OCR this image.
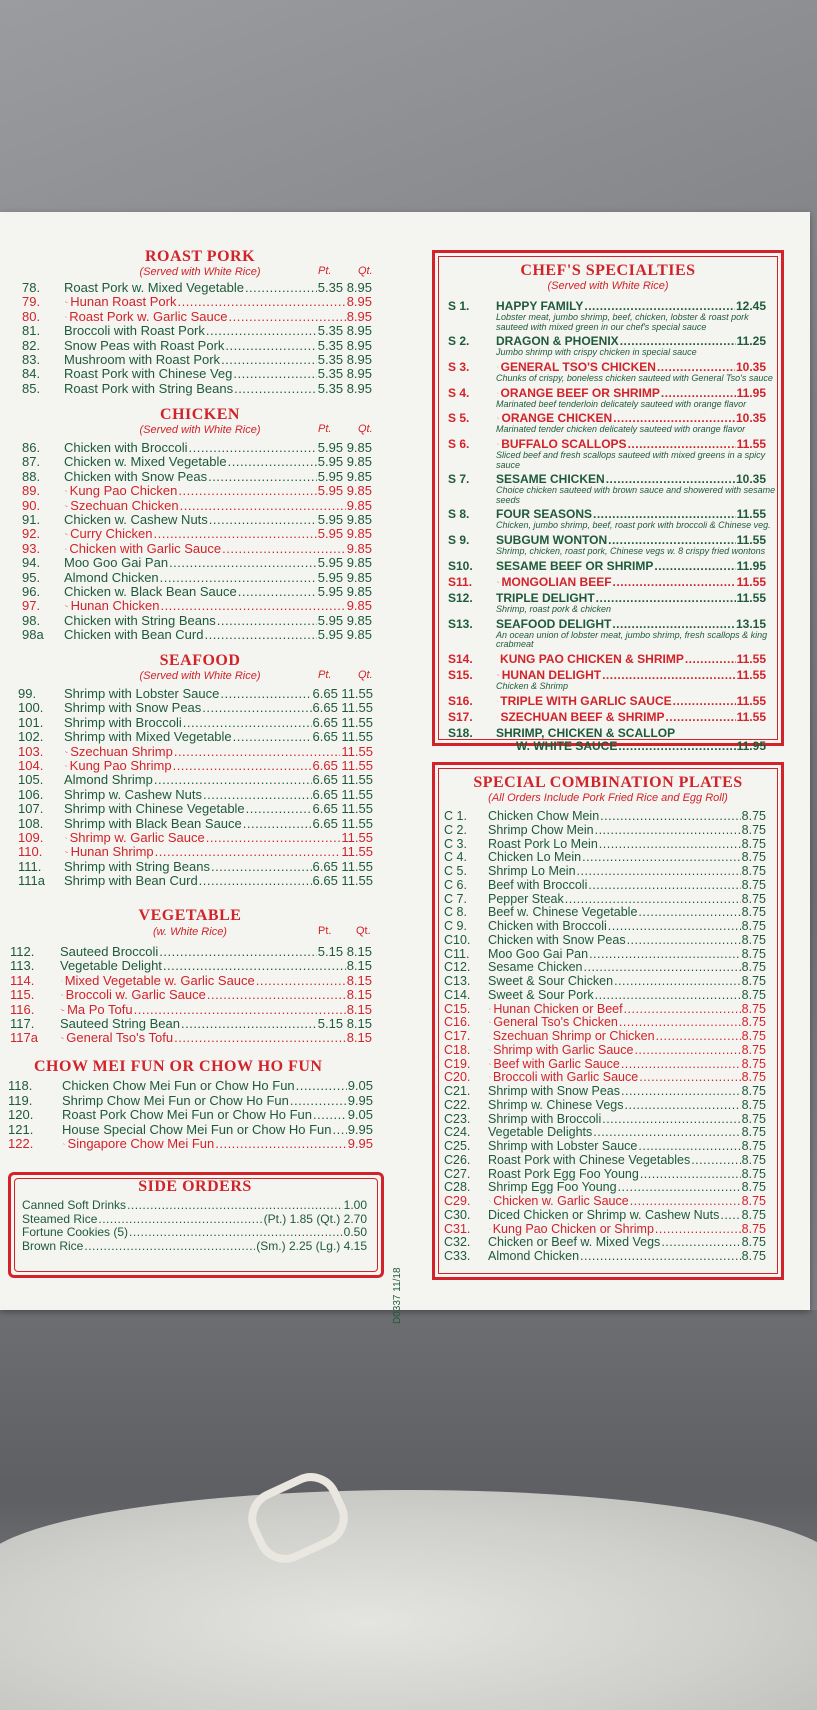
ROAST PORK
(Served with White Rice)	Pt. Qt.
78.	Roast Pork w. Mixed Vegetable .....	5.35 8.95
79.	Hunan Roast Pork .....	8.95
80.	Roast Pork w. Garlic Sauce .....	8.95
81.	Broccoli with Roast Pork .....	5.35 8.95
82.	Snow Peas with Roast Pork .....	5.35 8.95
83.	Mushroom with Roast Pork .....	5.35 8.95
84.	Roast Pork with Chinese Veg .....	5.35 8.95
85.	Roast Pork with String Beans .....	5.35 8.95
CHICKEN
(Served with White Rice)	Pt. Qt.
86.	Chicken with Broccoli .....	5.95 9.85
87.	Chicken w. Mixed Vegetable .....	5.95 9.85
88.	Chicken with Snow Peas .....	5.95 9.85
89.	Kung Pao Chicken .....	5.95 9.85
90.	Szechuan Chicken .....	9.85
91.	Chicken w. Cashew Nuts .....	5.95 9.85
92.	Curry Chicken .....	5.95 9.85
93.	Chicken with Garlic Sauce .....	9.85
94.	Moo Goo Gai Pan .....	5.95 9.85
95.	Almond Chicken .....	5.95 9.85
96.	Chicken w. Black Bean Sauce .....	5.95 9.85
97.	Hunan Chicken .....	9.85
98.	Chicken with String Beans .....	5.95 9.85
98a	Chicken with Bean Curd .....	5.95 9.85
SEAFOOD
(Served with White Rice)	Pt. Qt.
99.	Shrimp with Lobster Sauce .....	6.65 11.55
100.	Shrimp with Snow Peas .....	6.65 11.55
101.	Shrimp with Broccoli .....	6.65 11.55
102.	Shrimp with Mixed Vegetable .....	6.65 11.55
103.	Szechuan Shrimp .....	11.55
104.	Kung Pao Shrimp .....	6.65 11.55
105.	Almond Shrimp .....	6.65 11.55
106.	Shrimp w. Cashew Nuts .....	6.65 11.55
107.	Shrimp with Chinese Vegetable .....	6.65 11.55
108.	Shrimp with Black Bean Sauce .....	6.65 11.55
109.	Shrimp w. Garlic Sauce .....	11.55
110.	Hunan Shrimp .....	11.55
111.	Shrimp with String Beans .....	6.65 11.55
111a	Shrimp with Bean Curd .....	6.65 11.55
VEGETABLE
(w. White Rice)	Pt. Qt.
112.	Sauteed Broccoli .....	5.15 8.15
113.	Vegetable Delight .....	8.15
114.	Mixed Vegetable w. Garlic Sauce .....	8.15
115.	Broccoli w. Garlic Sauce .....	8.15
116.	Ma Po Tofu .....	8.15
117.	Sauteed String Bean .....	5.15 8.15
117a	General Tso's Tofu .....	8.15
CHOW MEI FUN OR CHOW HO FUN
118.	Chicken Chow Mei Fun or Chow Ho Fun .....	9.05
119.	Shrimp Chow Mei Fun or Chow Ho Fun .....	9.95
120.	Roast Pork Chow Mei Fun or Chow Ho Fun .....	9.05
121.	House Special Chow Mei Fun or Chow Ho Fun ..... 9.95
122.	Singapore Chow Mei Fun .....	9.95
SIDE ORDERS
Canned Soft Drinks .....	1.00
Steamed Rice .....	(Pt.) 1.85 (Qt.) 2.70
Fortune Cookies (5) .....	0.50
Brown Rice .....	(Sm.) 2.25 (Lg.) 4.15
D0337 11/18
CHEF'S SPECIALTIES
(Served with White Rice)
S 1.	HAPPY FAMILY .....	12.45
Lobster meat, jumbo shrimp, beef, chicken, lobster & roast pork
sauteed with mixed green in our chef's special sauce
S 2.	DRAGON & PHOENIX .....	11.25
Jumbo shrimp with crispy chicken in special sauce
S 3.	GENERAL TSO'S CHICKEN .....	10.35
Chunks of crispy, boneless chicken sauteed with General Tso's sauce
S 4.	ORANGE BEEF OR SHRIMP .....	11.95
Marinated beef tenderloin delicately sauteed with orange flavor
S 5.	ORANGE CHICKEN .....	10.35
Marinated tender chicken delicately sauteed with orange flavor
S 6.	BUFFALO SCALLOPS .....	11.55
Sliced beef and fresh scallops sauteed with mixed greens in a spicy
sauce
S 7.	SESAME CHICKEN .....	10.35
Choice chicken sauteed with brown sauce and showered with sesame
seeds
S 8.	FOUR SEASONS .....	11.55
Chicken, jumbo shrimp, beef, roast pork with broccoli & Chinese veg.
S 9.	SUBGUM WONTON .....	11.55
Shrimp, chicken, roast pork, Chinese vegs w. 8 crispy fried wontons
S10.	SESAME BEEF OR SHRIMP .....	11.95
S11.	MONGOLIAN BEEF .....	11.55
S12.	TRIPLE DELIGHT .....	11.55
Shrimp, roast pork & chicken
S13.	SEAFOOD DELIGHT .....	13.15
An ocean union of lobster meat, jumbo shrimp, fresh scallops & king
crabmeat
S14.	KUNG PAO CHICKEN & SHRIMP .....	11.55
S15.	HUNAN DELIGHT .....	11.55
Chicken & Shrimp
S16.	TRIPLE WITH GARLIC SAUCE .....	11.55
S17.	SZECHUAN BEEF & SHRIMP .....	11.55
S18.	SHRIMP, CHICKEN & SCALLOP
W. WHITE SAUCE .....	11.95
SPECIAL COMBINATION PLATES
(All Orders Include Pork Fried Rice and Egg Roll)
C 1.	Chicken Chow Mein .....	8.75
C 2.	Shrimp Chow Mein .....	8.75
C 3.	Roast Pork Lo Mein .....	8.75
C 4.	Chicken Lo Mein .....	8.75
C 5.	Shrimp Lo Mein .....	8.75
C 6.	Beef with Broccoli .....	8.75
C 7.	Pepper Steak .....	8.75
C 8.	Beef w. Chinese Vegetable .....	8.75
C 9.	Chicken with Broccoli .....	8.75
C10.	Chicken with Snow Peas .....	8.75
C11.	Moo Goo Gai Pan .....	8.75
C12.	Sesame Chicken .....	8.75
C13.	Sweet & Sour Chicken .....	8.75
C14.	Sweet & Sour Pork .....	8.75
C15.	Hunan Chicken or Beef .....	8.75
C16.	General Tso's Chicken .....	8.75
C17.	Szechuan Shrimp or Chicken .....	8.75
C18.	Shrimp with Garlic Sauce .....	8.75
C19.	Beef with Garlic Sauce .....	8.75
C20.	Broccoli with Garlic Sauce .....	8.75
C21.	Shrimp with Snow Peas .....	8.75
C22.	Shrimp w. Chinese Vegs .....	8.75
C23.	Shrimp with Broccoli .....	8.75
C24.	Vegetable Delights .....	8.75
C25.	Shrimp with Lobster Sauce .....	8.75
C26.	Roast Pork with Chinese Vegetables .....	8.75
C27.	Roast Pork Egg Foo Young .....	8.75
C28.	Shrimp Egg Foo Young .....	8.75
C29.	Chicken w. Garlic Sauce .....	8.75
C30.	Diced Chicken or Shrimp w. Cashew Nuts ..... 8.75
C31.	Kung Pao Chicken or Shrimp .....	8.75
C32.	Chicken or Beef w. Mixed Vegs .....	8.75
C33.	Almond Chicken .....	8.75
